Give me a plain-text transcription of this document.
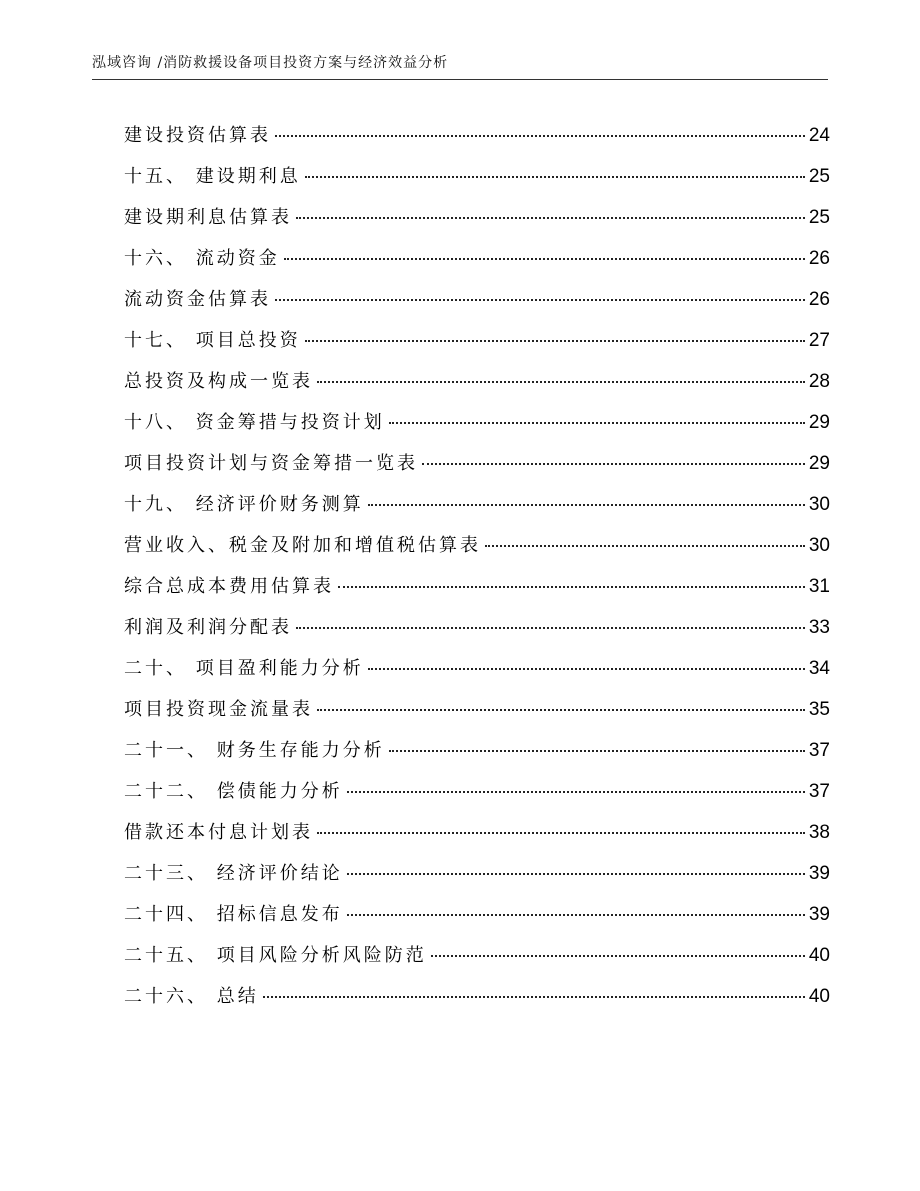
泓域咨询 /消防救援设备项目投资方案与经济效益分析
建设投资估算表	24
十五、 建设期利息	25
建设期利息估算表	25
十六、 流动资金	26
流动资金估算表	26
十七、 项目总投资	27
总投资及构成一览表	28
十八、 资金筹措与投资计划	29
项目投资计划与资金筹措一览表	29
十九、 经济评价财务测算	30
营业收入、税金及附加和增值税估算表	30
综合总成本费用估算表	31
利润及利润分配表	33
二十、 项目盈利能力分析	34
项目投资现金流量表	35
二十一、 财务生存能力分析	37
二十二、 偿债能力分析	37
借款还本付息计划表	38
二十三、 经济评价结论	39
二十四、 招标信息发布	39
二十五、 项目风险分析风险防范	40
二十六、 总结	40
